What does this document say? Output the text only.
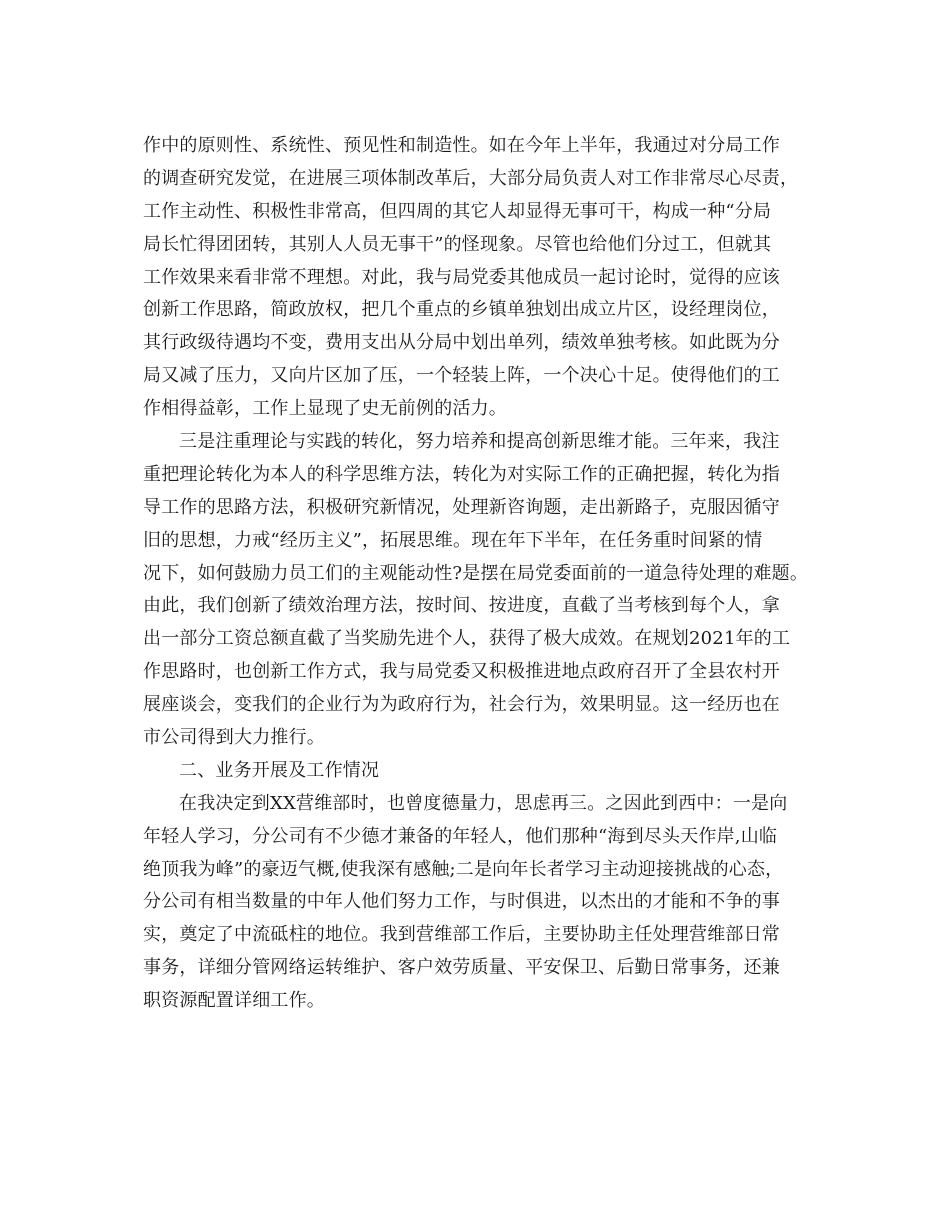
作中的原则性、系统性、预见性和制造性。如在今年上半年，我通过对分局工作
的调查研究发觉，在进展三项体制改革后，大部分局负责人对工作非常尽心尽责，
工作主动性、积极性非常高，但四周的其它人却显得无事可干，构成一种“分局
局长忙得团团转，其别人人员无事干”的怪现象。尽管也给他们分过工，但就其
工作效果来看非常不理想。对此，我与局党委其他成员一起讨论时，觉得的应该
创新工作思路，简政放权，把几个重点的乡镇单独划出成立片区，设经理岗位，
其行政级待遇均不变，费用支出从分局中划出单列，绩效单独考核。如此既为分
局又减了压力，又向片区加了压，一个轻装上阵，一个决心十足。使得他们的工
作相得益彰，工作上显现了史无前例的活力。
三是注重理论与实践的转化，努力培养和提高创新思维才能。三年来，我注
重把理论转化为本人的科学思维方法，转化为对实际工作的正确把握，转化为指
导工作的思路方法，积极研究新情况，处理新咨询题，走出新路子，克服因循守
旧的思想，力戒“经历主义”，拓展思维。现在年下半年，在任务重时间紧的情
况下，如何鼓励力员工们的主观能动性?是摆在局党委面前的一道急待处理的难题。
由此，我们创新了绩效治理方法，按时间、按进度，直截了当考核到每个人，拿
出一部分工资总额直截了当奖励先进个人，获得了极大成效。在规划2021年的工
作思路时，也创新工作方式，我与局党委又积极推进地点政府召开了全县农村开
展座谈会，变我们的企业行为为政府行为，社会行为，效果明显。这一经历也在
市公司得到大力推行。
二、业务开展及工作情况
在我决定到XX营维部时，也曾度德量力，思虑再三。之因此到西中：一是向
年轻人学习，分公司有不少德才兼备的年轻人，他们那种“海到尽头天作岸,山临
绝顶我为峰”的豪迈气概,使我深有感触;二是向年长者学习主动迎接挑战的心态，
分公司有相当数量的中年人他们努力工作，与时俱进，以杰出的才能和不争的事
实，奠定了中流砥柱的地位。我到营维部工作后，主要协助主任处理营维部日常
事务，详细分管网络运转维护、客户效劳质量、平安保卫、后勤日常事务，还兼
职资源配置详细工作。
